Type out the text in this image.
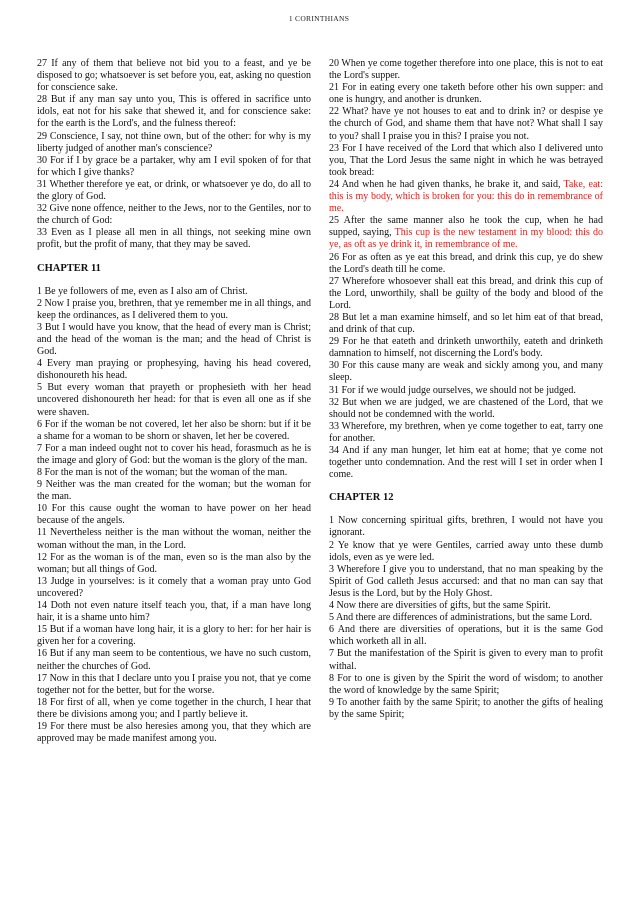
1 CORINTHIANS

27 If any of them that believe not bid you to a feast, and ye be disposed to go; whatsoever is set before you, eat, asking no question for conscience sake.

28 But if any man say unto you, This is offered in sacrifice unto idols, eat not for his sake that shewed it, and for conscience sake: for the earth is the Lord's, and the fulness thereof:

29 Conscience, I say, not thine own, but of the other: for why is my liberty judged of another man's conscience?

30 For if I by grace be a partaker, why am I evil spoken of for that for which I give thanks?

31 Whether therefore ye eat, or drink, or whatsoever ye do, do all to the glory of God.

32 Give none offence, neither to the Jews, nor to the Gentiles, nor to the church of God:

33 Even as I please all men in all things, not seeking mine own profit, but the profit of many, that they may be saved.

CHAPTER 11

1 Be ye followers of me, even as I also am of Christ.

2 Now I praise you, brethren, that ye remember me in all things, and keep the ordinances, as I delivered them to you.

3 But I would have you know, that the head of every man is Christ; and the head of the woman is the man; and the head of Christ is God.

4 Every man praying or prophesying, having his head covered, dishonoureth his head.

5 But every woman that prayeth or prophesieth with her head uncovered dishonoureth her head: for that is even all one as if she were shaven.

6 For if the woman be not covered, let her also be shorn: but if it be a shame for a woman to be shorn or shaven, let her be covered.

7 For a man indeed ought not to cover his head, forasmuch as he is the image and glory of God: but the woman is the glory of the man.

8 For the man is not of the woman; but the woman of the man.

9 Neither was the man created for the woman; but the woman for the man.

10 For this cause ought the woman to have power on her head because of the angels.

11 Nevertheless neither is the man without the woman, neither the woman without the man, in the Lord.

12 For as the woman is of the man, even so is the man also by the woman; but all things of God.

13 Judge in yourselves: is it comely that a woman pray unto God uncovered?

14 Doth not even nature itself teach you, that, if a man have long hair, it is a shame unto him?

15 But if a woman have long hair, it is a glory to her: for her hair is given her for a covering.

16 But if any man seem to be contentious, we have no such custom, neither the churches of God.

17 Now in this that I declare unto you I praise you not, that ye come together not for the better, but for the worse.

18 For first of all, when ye come together in the church, I hear that there be divisions among you; and I partly believe it.

19 For there must be also heresies among you, that they which are approved may be made manifest among you.

20 When ye come together therefore into one place, this is not to eat the Lord's supper.

21 For in eating every one taketh before other his own supper: and one is hungry, and another is drunken.

22 What? have ye not houses to eat and to drink in? or despise ye the church of God, and shame them that have not? What shall I say to you? shall I praise you in this? I praise you not.

23 For I have received of the Lord that which also I delivered unto you, That the Lord Jesus the same night in which he was betrayed took bread:

24 And when he had given thanks, he brake it, and said, Take, eat: this is my body, which is broken for you: this do in remembrance of me.

25 After the same manner also he took the cup, when he had supped, saying, This cup is the new testament in my blood: this do ye, as oft as ye drink it, in remembrance of me.

26 For as often as ye eat this bread, and drink this cup, ye do shew the Lord's death till he come.

27 Wherefore whosoever shall eat this bread, and drink this cup of the Lord, unworthily, shall be guilty of the body and blood of the Lord.

28 But let a man examine himself, and so let him eat of that bread, and drink of that cup.

29 For he that eateth and drinketh unworthily, eateth and drinketh damnation to himself, not discerning the Lord's body.

30 For this cause many are weak and sickly among you, and many sleep.

31 For if we would judge ourselves, we should not be judged.

32 But when we are judged, we are chastened of the Lord, that we should not be condemned with the world.

33 Wherefore, my brethren, when ye come together to eat, tarry one for another.

34 And if any man hunger, let him eat at home; that ye come not together unto condemnation. And the rest will I set in order when I come.

CHAPTER 12

1 Now concerning spiritual gifts, brethren, I would not have you ignorant.

2 Ye know that ye were Gentiles, carried away unto these dumb idols, even as ye were led.

3 Wherefore I give you to understand, that no man speaking by the Spirit of God calleth Jesus accursed: and that no man can say that Jesus is the Lord, but by the Holy Ghost.

4 Now there are diversities of gifts, but the same Spirit.

5 And there are differences of administrations, but the same Lord.

6 And there are diversities of operations, but it is the same God which worketh all in all.

7 But the manifestation of the Spirit is given to every man to profit withal.

8 For to one is given by the Spirit the word of wisdom; to another the word of knowledge by the same Spirit;

9 To another faith by the same Spirit; to another the gifts of healing by the same Spirit;
